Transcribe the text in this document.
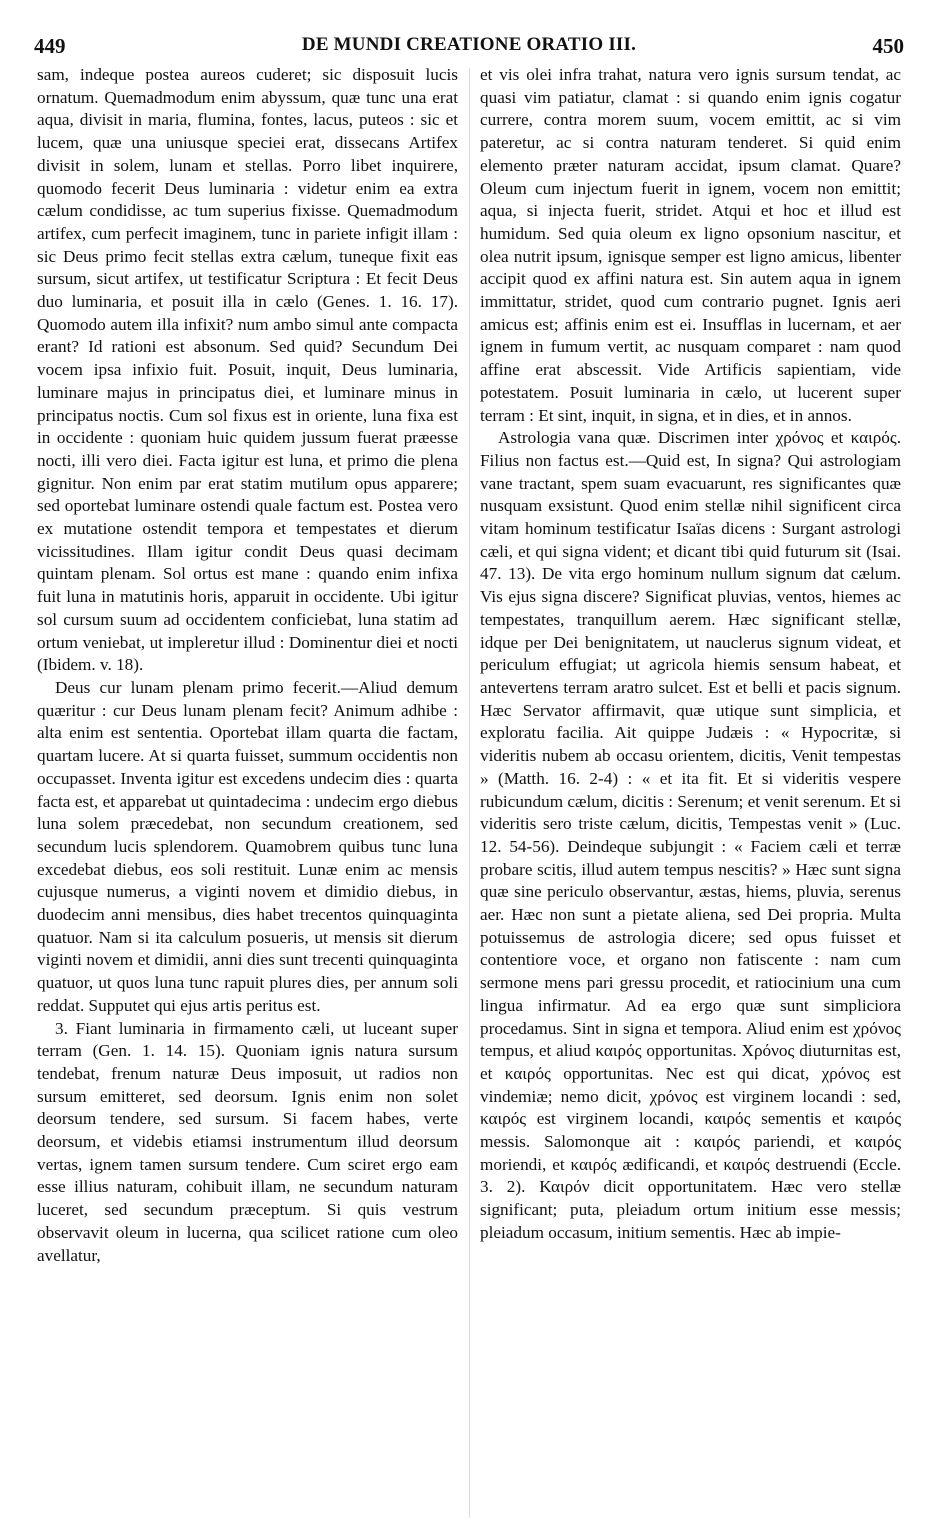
449	DE MUNDI CREATIONE ORATIO III.	450

sam, indeque postea aureos cuderet; sic disposuit lucis ornatum. Quemadmodum enim abyssum, quæ tunc una erat aqua, divisit in maria, flumina, fontes, lacus, puteos : sic et lucem, quæ una uniusque speciei erat, dissecans Artifex divisit in solem, lunam et stellas. Porro libet inquirere, quomodo fecerit Deus luminaria : videtur enim ea extra cælum condidisse, ac tum superius fixisse. Quemadmodum artifex, cum perfecit imaginem, tunc in pariete infigit illam : sic Deus primo fecit stellas extra cælum, tuneque fixit eas sursum, sicut artifex, ut testificatur Scriptura : Et fecit Deus duo luminaria, et posuit illa in cælo (Genes. 1. 16. 17). Quomodo autem illa infixit? num ambo simul ante compacta erant? Id rationi est absonum. Sed quid? Secundum Dei vocem ipsa infixio fuit. Posuit, inquit, Deus luminaria, luminare majus in principatus diei, et luminare minus in principatus noctis. Cum sol fixus est in oriente, luna fixa est in occidente : quoniam huic quidem jussum fuerat præesse nocti, illi vero diei. Facta igitur est luna, et primo die plena gignitur. Non enim par erat statim mutilum opus apparere; sed oportebat luminare ostendi quale factum est. Postea vero ex mutatione ostendit tempora et tempestates et dierum vicissitudines. Illam igitur condit Deus quasi decimam quintam plenam. Sol ortus est mane : quando enim infixa fuit luna in matutinis horis, apparuit in occidente. Ubi igitur sol cursum suum ad occidentem conficiebat, luna statim ad ortum veniebat, ut impleretur illud : Dominentur diei et nocti (Ibidem. v. 18).

Deus cur lunam plenam primo fecerit.—Aliud demum quæritur : cur Deus lunam plenam fecit? Animum adhibe : alta enim est sententia. Oportebat illam quarta die factam, quartam lucere. At si quarta fuisset, summum occidentis non occupasset. Inventa igitur est excedens undecim dies : quarta facta est, et apparebat ut quintadecima : undecim ergo diebus luna solem præcedebat, non secundum creationem, sed secundum lucis splendorem. Quamobrem quibus tunc luna excedebat diebus, eos soli restituit. Lunæ enim ac mensis cujusque numerus, a viginti novem et dimidio diebus, in duodecim anni mensibus, dies habet trecentos quinquaginta quatuor. Nam si ita calculum posueris, ut mensis sit dierum viginti novem et dimidii, anni dies sunt trecenti quinquaginta quatuor, ut quos luna tunc rapuit plures dies, per annum soli reddat. Supputet qui ejus artis peritus est.

3. Fiant luminaria in firmamento cæli, ut luceant super terram (Gen. 1. 14. 15). Quoniam ignis natura sursum tendebat, frenum naturæ Deus imposuit, ut radios non sursum emitteret, sed deorsum. Ignis enim non solet deorsum tendere, sed sursum. Si facem habes, verte deorsum, et videbis etiamsi instrumentum illud deorsum vertas, ignem tamen sursum tendere. Cum sciret ergo eam esse illius naturam, cohibuit illam, ne secundum naturam luceret, sed secundum præceptum. Si quis vestrum observavit oleum in lucerna, qua scilicet ratione cum oleo avellatur,

et vis olei infra trahat, natura vero ignis sursum tendat, ac quasi vim patiatur, clamat : si quando enim ignis cogatur currere, contra morem suum, vocem emittit, ac si vim pateretur, ac si contra naturam tenderet. Si quid enim elemento præter naturam accidat, ipsum clamat. Quare? Oleum cum injectum fuerit in ignem, vocem non emittit; aqua, si injecta fuerit, stridet. Atqui et hoc et illud est humidum. Sed quia oleum ex ligno opsonium nascitur, et olea nutrit ipsum, ignisque semper est ligno amicus, libenter accipit quod ex affini natura est. Sin autem aqua in ignem immittatur, stridet, quod cum contrario pugnet. Ignis aeri amicus est; affinis enim est ei. Insufflas in lucernam, et aer ignem in fumum vertit, ac nusquam comparet : nam quod affine erat abscessit. Vide Artificis sapientiam, vide potestatem. Posuit luminaria in cælo, ut lucerent super terram : Et sint, inquit, in signa, et in dies, et in annos.

Astrologia vana quæ. Discrimen inter χρόνος et καιρός. Filius non factus est.—Quid est, In signa? Qui astrologiam vane tractant, spem suam evacuarunt, res significantes quæ nusquam exsistunt. Quod enim stellæ nihil significent circa vitam hominum testificatur Isaïas dicens : Surgant astrologi cæli, et qui signa vident; et dicant tibi quid futurum sit (Isai. 47. 13). De vita ergo hominum nullum signum dat cælum. Vis ejus signa discere? Significat pluvias, ventos, hiemes ac tempestates, tranquillum aerem. Hæc significant stellæ, idque per Dei benignitatem, ut nauclerus signum videat, et periculum effugiat; ut agricola hiemis sensum habeat, et antevertens terram aratro sulcet. Est et belli et pacis signum. Hæc Servator affirmavit, quæ utique sunt simplicia, et exploratu facilia. Ait quippe Judæis : « Hypocritæ, si videritis nubem ab occasu orientem, dicitis, Venit tempestas » (Matth. 16. 2-4) : « et ita fit. Et si videritis vespere rubicundum cælum, dicitis : Serenum; et venit serenum. Et si videritis sero triste cælum, dicitis, Tempestas venit » (Luc. 12. 54-56). Deindeque subjungit : « Faciem cæli et terræ probare scitis, illud autem tempus nescitis? » Hæc sunt signa quæ sine periculo observantur, æstas, hiems, pluvia, serenus aer. Hæc non sunt a pietate aliena, sed Dei propria. Multa potuissemus de astrologia dicere; sed opus fuisset et contentiore voce, et organo non fatiscente : nam cum sermone mens pari gressu procedit, et ratiocinium una cum lingua infirmatur. Ad ea ergo quæ sunt simpliciora procedamus. Sint in signa et tempora. Aliud enim est χρόνος tempus, et aliud καιρός opportunitas. Χρόνος diuturnitas est, et καιρός opportunitas. Nec est qui dicat, χρόνος est vindemiæ; nemo dicit, χρόνος est virginem locandi : sed, καιρός est virginem locandi, καιρός sementis et καιρός messis. Salomonque ait : καιρός pariendi, et καιρός moriendi, et καιρός ædificandi, et καιρός destruendi (Eccle. 3. 2). Καιρόν dicit opportunitatem. Hæc vero stellæ significant; puta, pleiadum ortum initium esse messis; pleiadum occasum, initium sementis. Hæc ab impie-
